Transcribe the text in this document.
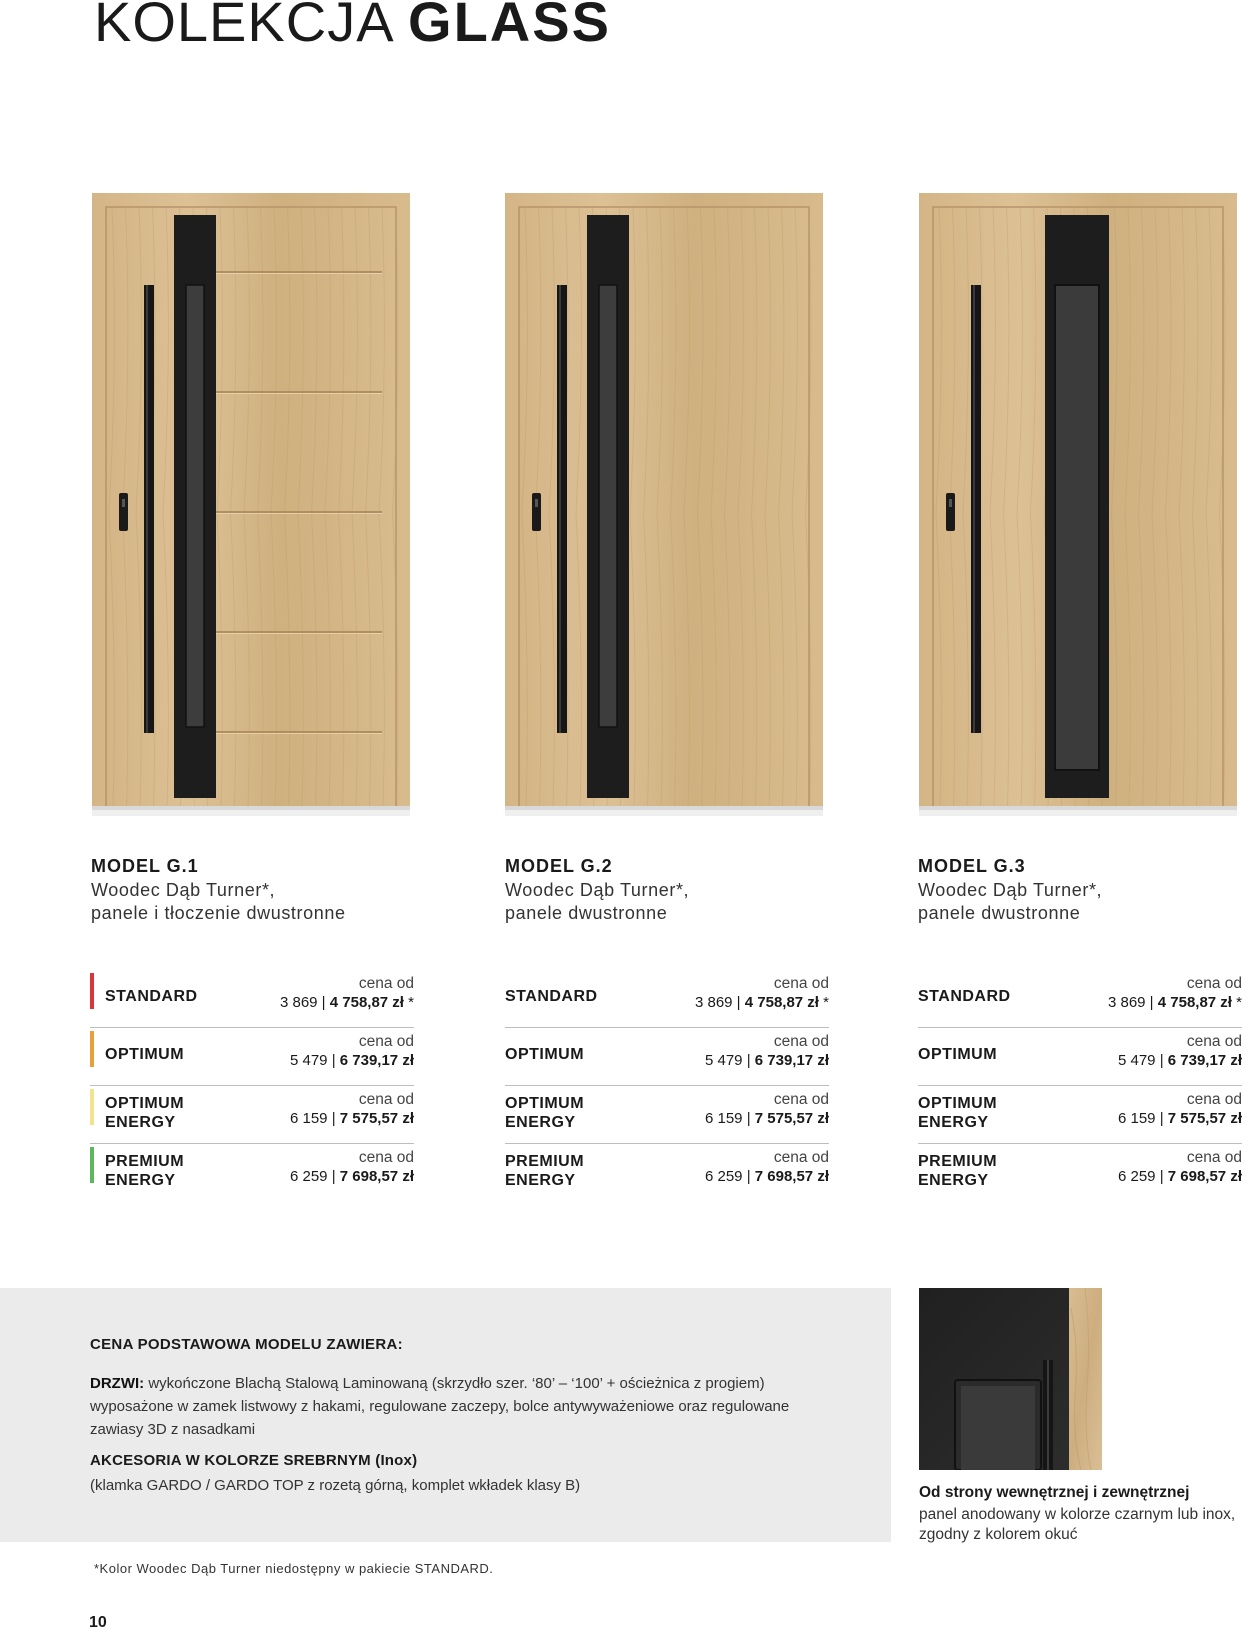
KOLEKCJA GLASS
MODEL G.1
Woodec Dąb Turner*,
panele i tłoczenie dwustronne
MODEL G.2
Woodec Dąb Turner*,
panele dwustronne
MODEL G.3
Woodec Dąb Turner*,
panele dwustronne
STANDARD
cena od
3 869 | 4 758,87 zł *
OPTIMUM
cena od
5 479 | 6 739,17 zł
OPTIMUM
ENERGY
cena od
6 159 | 7 575,57 zł
PREMIUM
ENERGY
cena od
6 259 | 7 698,57 zł
STANDARD
cena od
3 869 | 4 758,87 zł *
OPTIMUM
cena od
5 479 | 6 739,17 zł
OPTIMUM
ENERGY
cena od
6 159 | 7 575,57 zł
PREMIUM
ENERGY
cena od
6 259 | 7 698,57 zł
STANDARD
cena od
3 869 | 4 758,87 zł *
OPTIMUM
cena od
5 479 | 6 739,17 zł
OPTIMUM
ENERGY
cena od
6 159 | 7 575,57 zł
PREMIUM
ENERGY
cena od
6 259 | 7 698,57 zł
CENA PODSTAWOWA MODELU ZAWIERA:
DRZWI: wykończone Blachą Stalową Laminowaną (skrzydło szer. ‘80’ – ‘100’ + ościeżnica z progiem) wyposażone w zamek listwowy z hakami, regulowane zaczepy, bolce antywyważeniowe oraz regulowane zawiasy 3D z nasadkami
AKCESORIA W KOLORZE SREBRNYM (Inox)
(klamka GARDO / GARDO TOP z rozetą górną, komplet wkładek klasy B)	Od strony wewnętrznej i zewnętrznej
panel anodowany w kolorze czarnym lub inox, zgodny z kolorem okuć
*Kolor Woodec Dąb Turner niedostępny w pakiecie STANDARD.
10
